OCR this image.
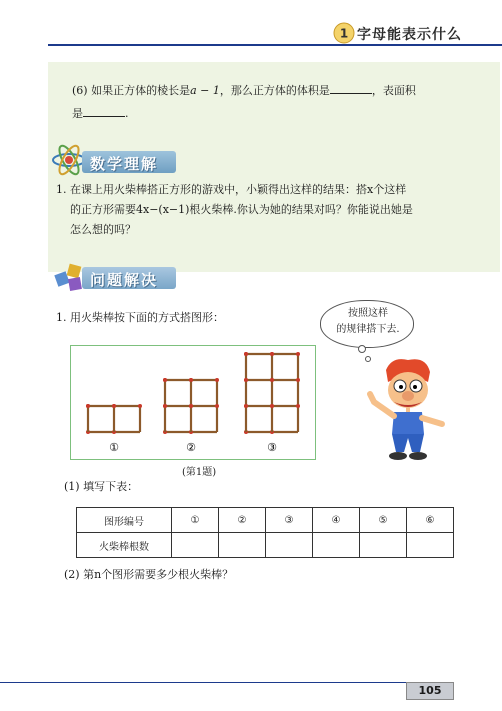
1 字母能表示什么
(6) 如果正方体的棱长是a − 1，那么正方体的体积是	，表面积
是	.
数学理解
1. 在课上用火柴棒搭正方形的游戏中，小颖得出这样的结果：搭x个这样
的正方形需要4x−(x−1)根火柴棒.你认为她的结果对吗？你能说出她是
怎么想的吗？
问题解决
1. 用火柴棒按下面的方式搭图形：	按照这样
的规律搭下去.
①	②	③
(第1题)
(1) 填写下表：
图形编号	①	②	③	④	⑤	⑥
火柴棒根数						
(2) 第n个图形需要多少根火柴棒？
105
